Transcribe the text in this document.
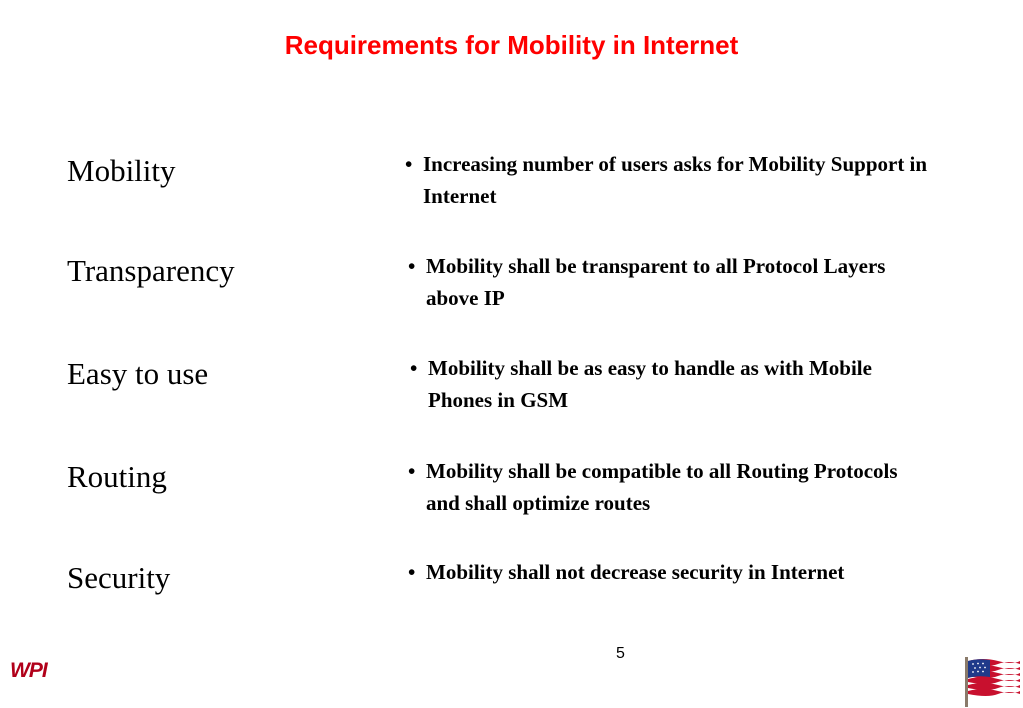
Requirements for Mobility in Internet
Mobility	• Increasing number of users asks for Mobility Support in Internet
Transparency	• Mobility shall be transparent to all Protocol Layers above IP
Easy to use	• Mobility shall be as easy to handle as with Mobile Phones in GSM
Routing	• Mobility shall be compatible to all Routing Protocols and shall optimize routes
Security	• Mobility shall not decrease security in Internet
5
WPI
